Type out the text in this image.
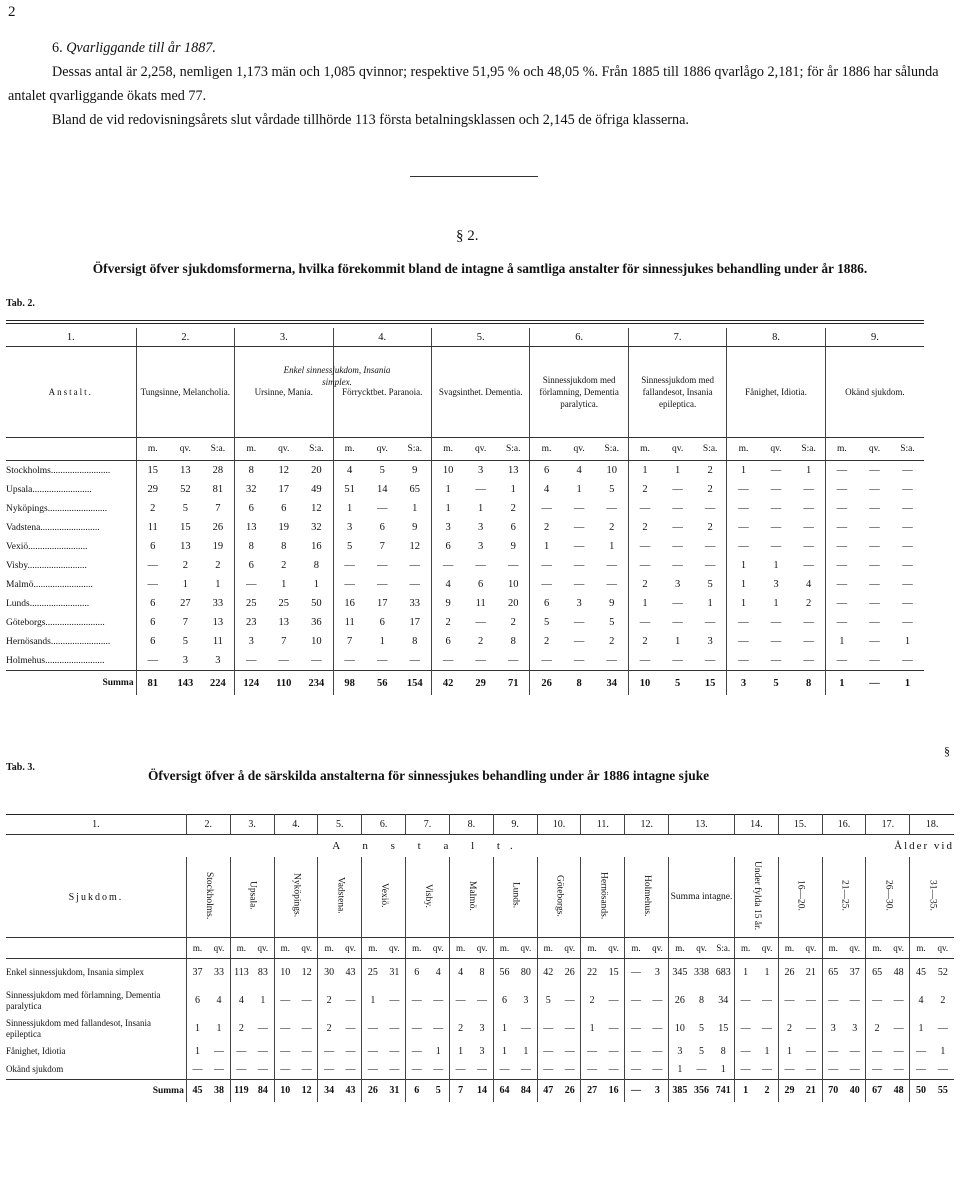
2
6. Qvarliggande till år 1887.
Dessas antal är 2,258, nemligen 1,173 män och 1,085 qvinnor; respektive 51,95 % och 48,05 %. Från 1885 till 1886 qvarlågo 2,181; för år 1886 har sålunda antalet qvarliggande ökats med 77.
Bland de vid redovisningsårets slut vårdade tillhörde 113 första betalningsklassen och 2,145 de öfriga klasserna.
§ 2.
Öfversigt öfver sjukdomsformerna, hvilka förekommit bland de intagne å samtliga anstalter för sinnessjukes behandling under år 1886.
Tab. 2.
1.	2.			3.			4.			5.			6.			7.			8.			9.		
Anstalt.	Tungsinne, Melancholia.			Ursinne, Mania.			Förrycktbet. Paranoia.			Svagsinthet. Dementia.			Sinnessjukdom med förlamning, Dementia paralytica.			Sinnessjukdom med fallandesot, Insania epileptica.			Fånighet, Idiotia.			Okänd sjukdom.		
	m.	qv.	S:a.	m.	qv.	S:a.	m.	qv.	S:a.	m.	qv.	S:a.	m.	qv.	S:a.	m.	qv.	S:a.	m.	qv.	S:a.	m.	qv.	S:a.
Stockholms.........................	15	13	28	8	12	20	4	5	9	10	3	13	6	4	10	1	1	2	1	—	1	—	—	—
Upsala.........................	29	52	81	32	17	49	51	14	65	1	—	1	4	1	5	2	—	2	—	—	—	—	—	—
Nyköpings.........................	2	5	7	6	6	12	1	—	1	1	1	2	—	—	—	—	—	—	—	—	—	—	—	—
Vadstena.........................	11	15	26	13	19	32	3	6	9	3	3	6	2	—	2	2	—	2	—	—	—	—	—	—
Vexiö.........................	6	13	19	8	8	16	5	7	12	6	3	9	1	—	1	—	—	—	—	—	—	—	—	—
Visby.........................	—	2	2	6	2	8	—	—	—	—	—	—	—	—	—	—	—	—	1	1	—	—	—	—
Malmö.........................	—	1	1	—	1	1	—	—	—	4	6	10	—	—	—	2	3	5	1	3	4	—	—	—
Lunds.........................	6	27	33	25	25	50	16	17	33	9	11	20	6	3	9	1	—	1	1	1	2	—	—	—
Göteborgs.........................	6	7	13	23	13	36	11	6	17	2	—	2	5	—	5	—	—	—	—	—	—	—	—	—
Hernösands.........................	6	5	11	3	7	10	7	1	8	6	2	8	2	—	2	2	1	3	—	—	—	1	—	1
Holmehus.........................	—	3	3	—	—	—	—	—	—	—	—	—	—	—	—	—	—	—	—	—	—	—	—	—
Summa	81	143	224	124	110	234	98	56	154	42	29	71	26	8	34	10	5	15	3	5	8	1	—	1
Tab. 3.
Öfversigt öfver å de särskilda anstalterna för sinnessjukes behandling under år 1886 intagne sjuke
§
1.	2.		3.		4.		5.		6.		7.		8.		9.		10.		11.		12.		13.			14.		15.		16.		17.		18.	
	A n s t a l t.																									Ålder vid									
Sjukdom.	Stockholms.		Upsala.		Nyköpings.		Vadstena.		Vexiö.		Visby.		Malmö.		Lunds.		Göteborgs.		Hernösands.		Holmehus.		Summa intagne.			Under fylda 15 år.		16—20.		21—25.		26—30.		31—35.	
	m.	qv.	m.	qv.	m.	qv.	m.	qv.	m.	qv.	m.	qv.	m.	qv.	m.	qv.	m.	qv.	m.	qv.	m.	qv.	m.	qv.	S:a.	m.	qv.	m.	qv.	m.	qv.	m.	qv.	m.	qv.
Enkel sinnessjukdom, Insania simplex	37	33	113	83	10	12	30	43	25	31	6	4	4	8	56	80	42	26	22	15	—	3	345	338	683	1	1	26	21	65	37	65	48	45	52
Sinnessjukdom med förlamning, Dementia paralytica	6	4	4	1	—	—	2	—	1	—	—	—	—	—	6	3	5	—	2	—	—	—	26	8	34	—	—	—	—	—	—	—	—	4	2
Sinnessjukdom med fallandesot, Insania epileptica	1	1	2	—	—	—	2	—	—	—	—	—	2	3	1	—	—	—	1	—	—	—	10	5	15	—	—	2	—	3	3	2	—	1	—
Fånighet, Idiotia	1	—	—	—	—	—	—	—	—	—	—	1	1	3	1	1	—	—	—	—	—	—	3	5	8	—	1	1	—	—	—	—	—	—	1
Okänd sjukdom	—	—	—	—	—	—	—	—	—	—	—	—	—	—	—	—	—	—	—	—	—	—	1	—	1	—	—	—	—	—	—	—	—	—	—
Summa	45	38	119	84	10	12	34	43	26	31	6	5	7	14	64	84	47	26	27	16	—	3	385	356	741	1	2	29	21	70	40	67	48	50	55
Enkel sinnessjukdom, Insania simplex.
